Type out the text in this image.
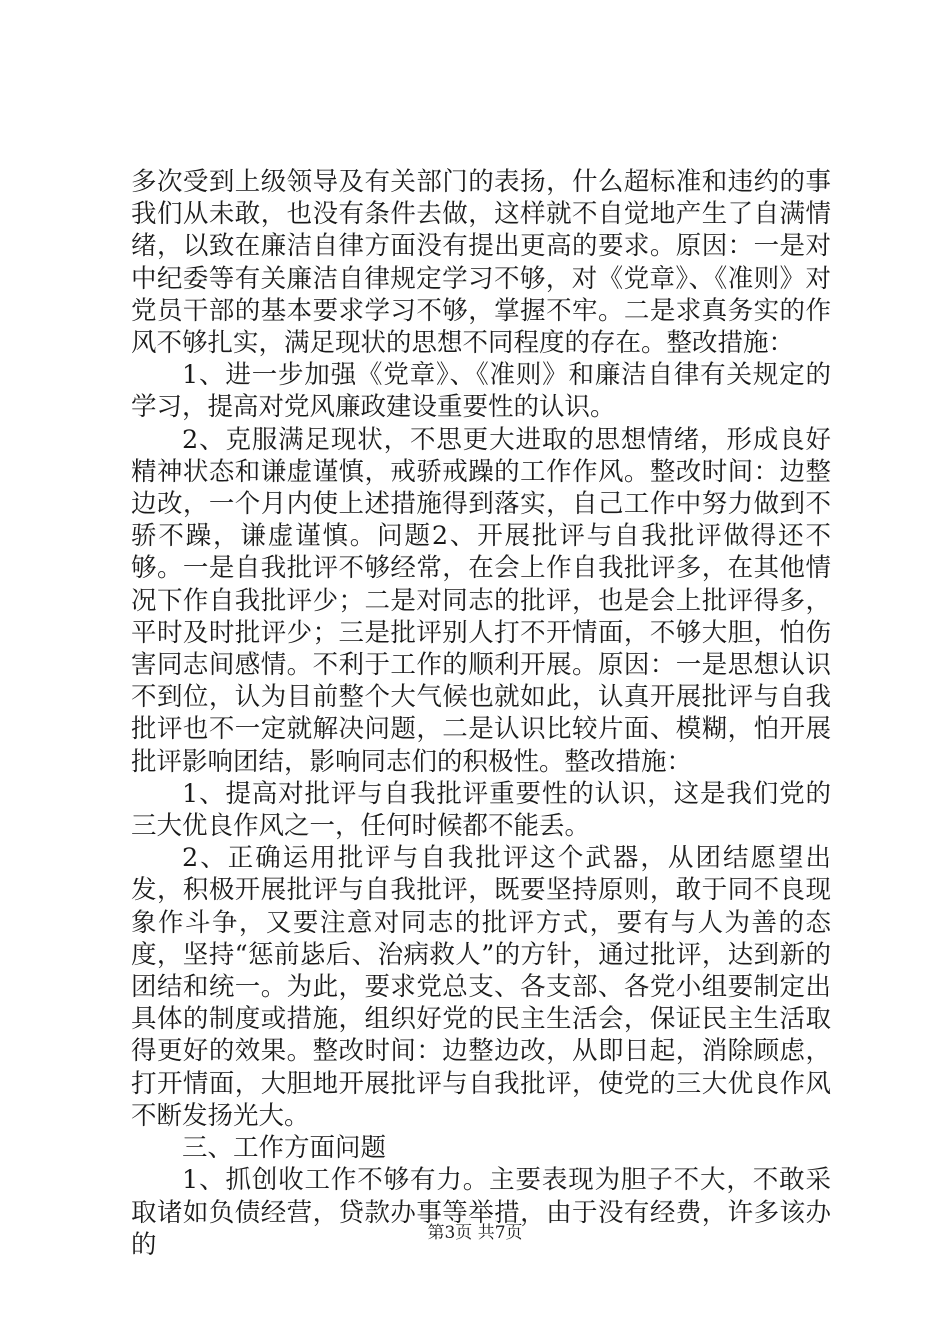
多次受到上级领导及有关部门的表扬，什么超标准和违约的事我们从未敢，也没有条件去做，这样就不自觉地产生了自满情绪，以致在廉洁自律方面没有提出更高的要求。原因：一是对中纪委等有关廉洁自律规定学习不够，对《党章》、《准则》对党员干部的基本要求学习不够，掌握不牢。二是求真务实的作风不够扎实，满足现状的思想不同程度的存在。整改措施：

1、进一步加强《党章》、《准则》和廉洁自律有关规定的学习，提高对党风廉政建设重要性的认识。

2、克服满足现状，不思更大进取的思想情绪，形成良好精神状态和谦虚谨慎，戒骄戒躁的工作作风。整改时间：边整边改，一个月内使上述措施得到落实，自己工作中努力做到不骄不躁，谦虚谨慎。问题2、开展批评与自我批评做得还不够。一是自我批评不够经常，在会上作自我批评多，在其他情况下作自我批评少；二是对同志的批评，也是会上批评得多，平时及时批评少；三是批评别人打不开情面，不够大胆，怕伤害同志间感情。不利于工作的顺利开展。原因：一是思想认识不到位，认为目前整个大气候也就如此，认真开展批评与自我批评也不一定就解决问题，二是认识比较片面、模糊，怕开展批评影响团结，影响同志们的积极性。整改措施：

1、提高对批评与自我批评重要性的认识，这是我们党的三大优良作风之一，任何时候都不能丢。

2、正确运用批评与自我批评这个武器，从团结愿望出发，积极开展批评与自我批评，既要坚持原则，敢于同不良现象作斗争，又要注意对同志的批评方式，要有与人为善的态度，坚持“惩前毖后、治病救人”的方针，通过批评，达到新的团结和统一。为此，要求党总支、各支部、各党小组要制定出具体的制度或措施，组织好党的民主生活会，保证民主生活取得更好的效果。整改时间：边整边改，从即日起，消除顾虑，打开情面，大胆地开展批评与自我批评，使党的三大优良作风不断发扬光大。

三、工作方面问题

1、抓创收工作不够有力。主要表现为胆子不大，不敢采取诸如负债经营，贷款办事等举措，由于没有经费，许多该办的	第3页 共7页
